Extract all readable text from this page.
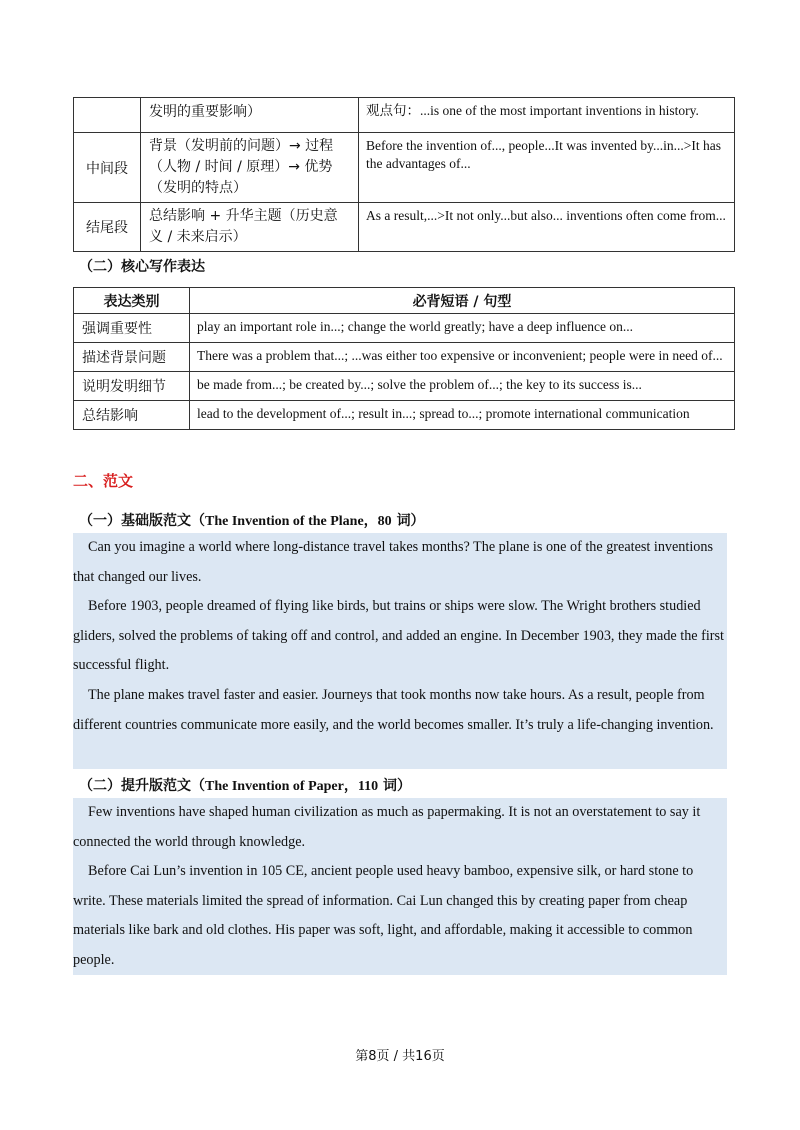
	发明的重要影响）	观点句：...is one of the most important inventions in history.
中间段	背景（发明前的问题）→ 过程（人物 / 时间 / 原理）→ 优势（发明的特点）	Before the invention of..., people...It was invented by...in...>It has the advantages of...
结尾段	总结影响 + 升华主题（历史意义 / 未来启示）	As a result,...>It not only...but also... inventions often come from...
（二）核心写作表达
表达类别	必背短语 / 句型
强调重要性	play an important role in...; change the world greatly; have a deep influence on...
描述背景问题	There was a problem that...; ...was either too expensive or inconvenient; people were in need of...
说明发明细节	be made from...; be created by...; solve the problem of...; the key to its success is...
总结影响	lead to the development of...; result in...; spread to...; promote international communication
二、范文
（一）基础版范文（The Invention of the Plane，80 词）

Can you imagine a world where long-distance travel takes months? The plane is one of the greatest inventions that changed our lives.

Before 1903, people dreamed of flying like birds, but trains or ships were slow. The Wright brothers studied gliders, solved the problems of taking off and control, and added an engine. In December 1903, they made the first successful flight.

The plane makes travel faster and easier. Journeys that took months now take hours. As a result, people from different countries communicate more easily, and the world becomes smaller. It’s truly a life-changing invention.

（二）提升版范文（The Invention of Paper，110 词）

Few inventions have shaped human civilization as much as papermaking. It is not an overstatement to say it connected the world through knowledge.

Before Cai Lun’s invention in 105 CE, ancient people used heavy bamboo, expensive silk, or hard stone to write. These materials limited the spread of information. Cai Lun changed this by creating paper from cheap materials like bark and old clothes. His paper was soft, light, and affordable, making it accessible to common people.

第8页 / 共16页
